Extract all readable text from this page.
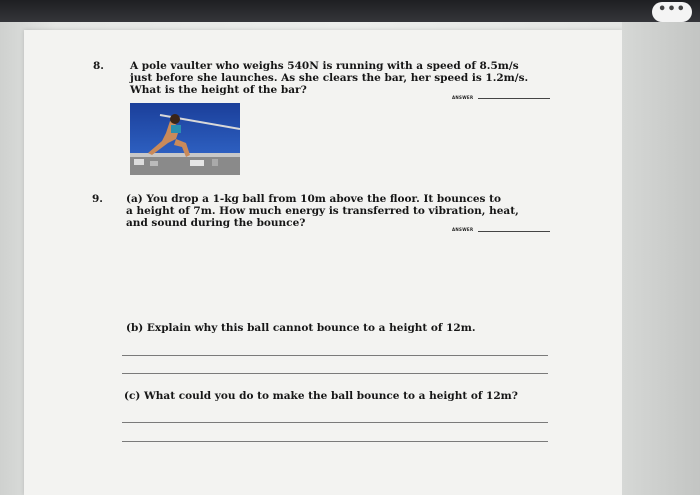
•••
8. A pole vaulter who weighs 540N is running with a speed of 8.5m/s
just before she launches. As she clears the bar, her speed is 1.2m/s.
What is the height of the bar?
ANSWER
9. (a) You drop a 1-kg ball from 10m above the floor. It bounces to
a height of 7m. How much energy is transferred to vibration, heat,
and sound during the bounce?
ANSWER
(b) Explain why this ball cannot bounce to a height of 12m.
(c) What could you do to make the ball bounce to a height of 12m?
